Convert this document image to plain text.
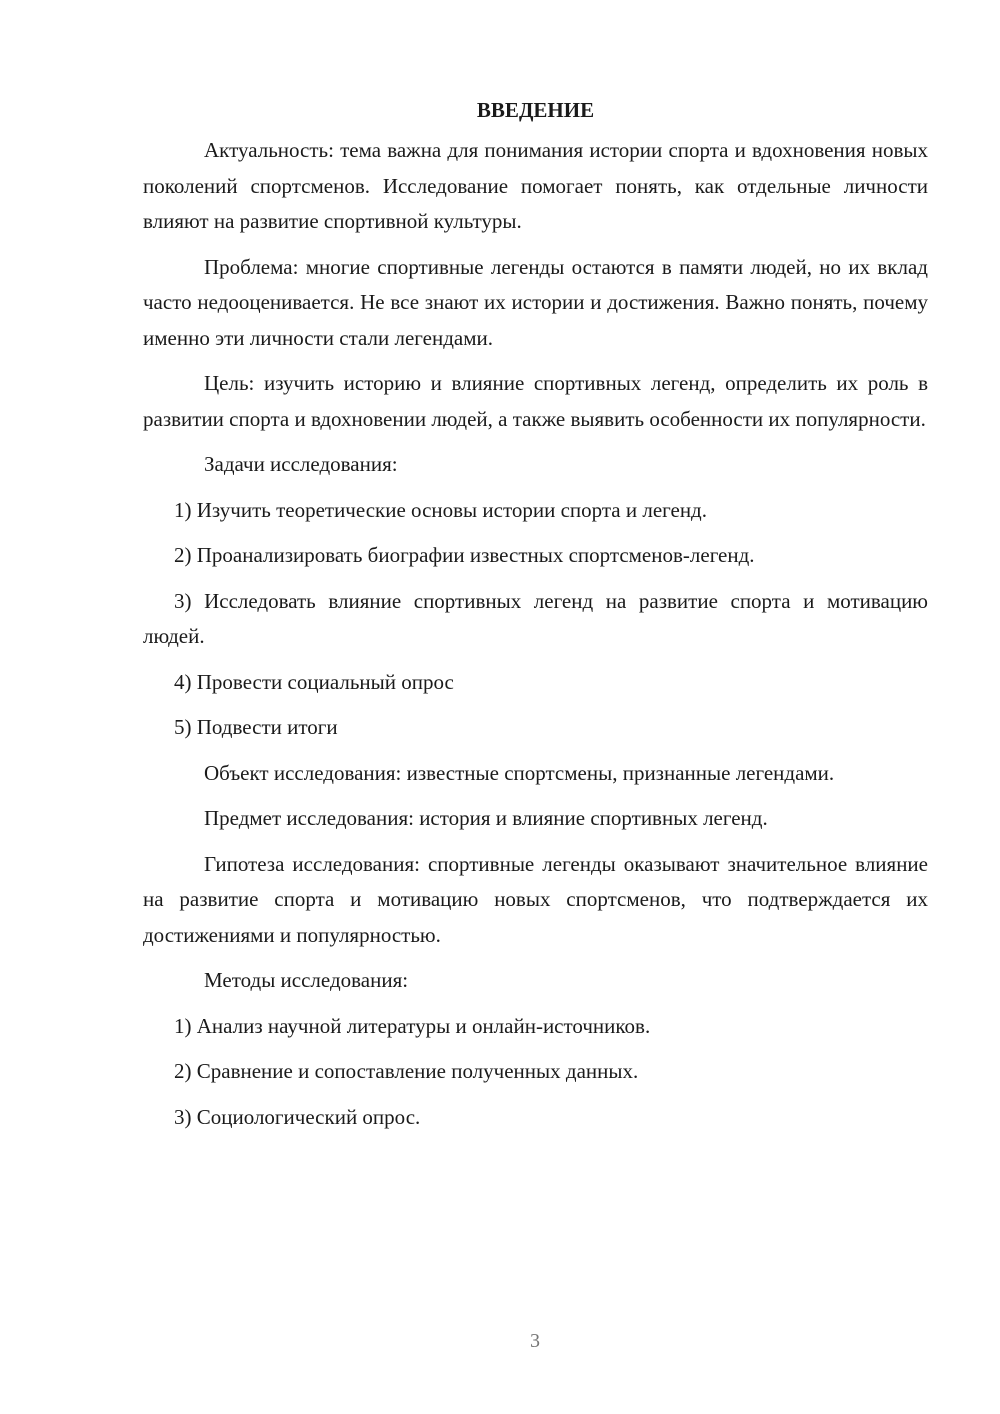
ВВЕДЕНИЕ
Актуальность: тема важна для понимания истории спорта и вдохновения новых поколений спортсменов. Исследование помогает понять, как отдельные личности влияют на развитие спортивной культуры.
Проблема: многие спортивные легенды остаются в памяти людей, но их вклад часто недооценивается. Не все знают их истории и достижения. Важно понять, почему именно эти личности стали легендами.
Цель: изучить историю и влияние спортивных легенд, определить их роль в развитии спорта и вдохновении людей, а также выявить особенности их популярности.
Задачи исследования:
1) Изучить теоретические основы истории спорта и легенд.
2) Проанализировать биографии известных спортсменов-легенд.
3) Исследовать влияние спортивных легенд на развитие спорта и мотивацию людей.
4) Провести социальный опрос
5) Подвести итоги
Объект исследования: известные спортсмены, признанные легендами.
Предмет исследования: история и влияние спортивных легенд.
Гипотеза исследования: спортивные легенды оказывают значительное влияние на развитие спорта и мотивацию новых спортсменов, что подтверждается их достижениями и популярностью.
Методы исследования:
1) Анализ научной литературы и онлайн-источников.
2) Сравнение и сопоставление полученных данных.
3) Социологический опрос.
3
